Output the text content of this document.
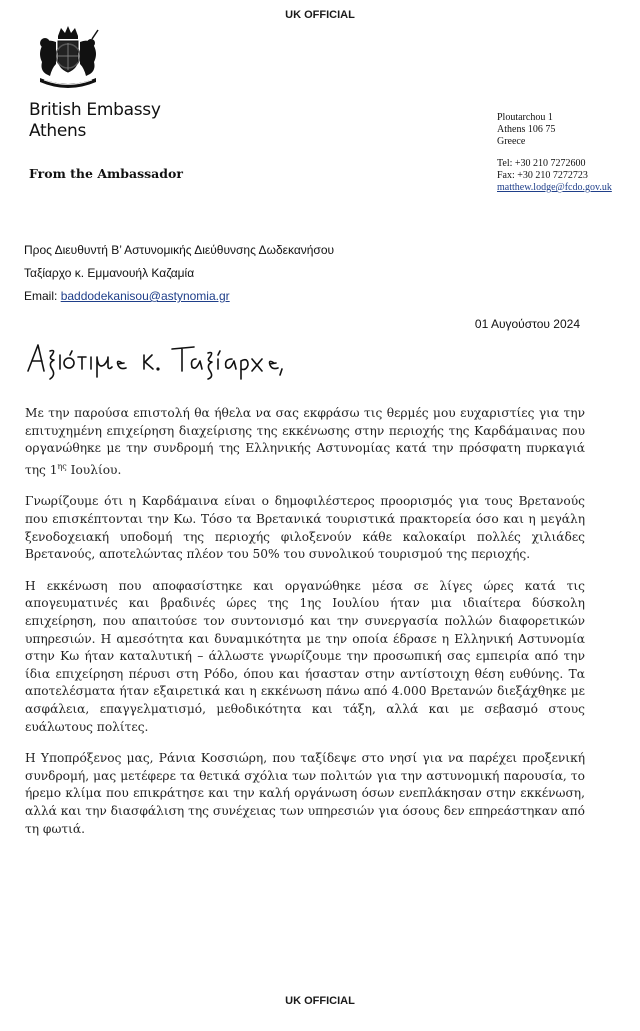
UK OFFICIAL
British Embassy
Athens
From the Ambassador
Ploutarchou 1
Athens 106 75
Greece
Tel: +30 210 7272600
Fax: +30 210 7272723
matthew.lodge@fcdo.gov.uk
Προς Διευθυντή Β’ Αστυνομικής Διεύθυνσης Δωδεκανήσου
Ταξίαρχο κ. Εμμανουήλ Καζαμία
Email: baddodekanisou@astynomia.gr
01 Αυγούστου 2024

Με την παρούσα επιστολή θα ήθελα να σας εκφράσω τις θερμές μου ευχαριστίες για την επιτυχημένη επιχείρηση διαχείρισης της εκκένωσης στην περιοχής της Καρδάμαινας που οργανώθηκε με την συνδρομή της Ελληνικής Αστυνομίας κατά την πρόσφατη πυρκαγιά της $1^{\eta\varsigma}$ Ιουλίου.

Γνωρίζουμε ότι η Καρδάμαινα είναι ο δημοφιλέστερος προορισμός για τους Βρετανούς που επισκέπτονται την Κω. Τόσο τα Βρετανικά τουριστικά πρακτορεία όσο και η μεγάλη ξενοδοχειακή υποδομή της περιοχής φιλοξενούν κάθε καλοκαίρι πολλές χιλιάδες Βρετανούς, αποτελώντας πλέον του 50% του συνολικού τουρισμού της περιοχής.

Η εκκένωση που αποφασίστηκε και οργανώθηκε μέσα σε λίγες ώρες κατά τις απογευματινές και βραδινές ώρες της 1ης Ιουλίου ήταν μια ιδιαίτερα δύσκολη επιχείρηση, που απαιτούσε τον συντονισμό και την συνεργασία πολλών διαφορετικών υπηρεσιών. Η αμεσότητα και δυναμικότητα με την οποία έδρασε η Ελληνική Αστυνομία στην Κω ήταν καταλυτική – άλλωστε γνωρίζουμε την προσωπική σας εμπειρία από την ίδια επιχείρηση πέρυσι στη Ρόδο, όπου και ήσασταν στην αντίστοιχη θέση ευθύνης. Τα αποτελέσματα ήταν εξαιρετικά και η εκκένωση πάνω από 4.000 Βρετανών διεξάχθηκε με ασφάλεια, επαγγελματισμό, μεθοδικότητα και τάξη, αλλά και με σεβασμό στους ευάλωτους πολίτες.

Η Υποπρόξενος μας, Ράνια Κοσσιώρη, που ταξίδεψε στο νησί για να παρέχει προξενική συνδρομή, μας μετέφερε τα θετικά σχόλια των πολιτών για την αστυνομική παρουσία, το ήρεμο κλίμα που επικράτησε και την καλή οργάνωση όσων ενεπλάκησαν στην εκκένωση, αλλά και την διασφάλιση της συνέχειας των υπηρεσιών για όσους δεν επηρεάστηκαν από τη φωτιά.

UK OFFICIAL
